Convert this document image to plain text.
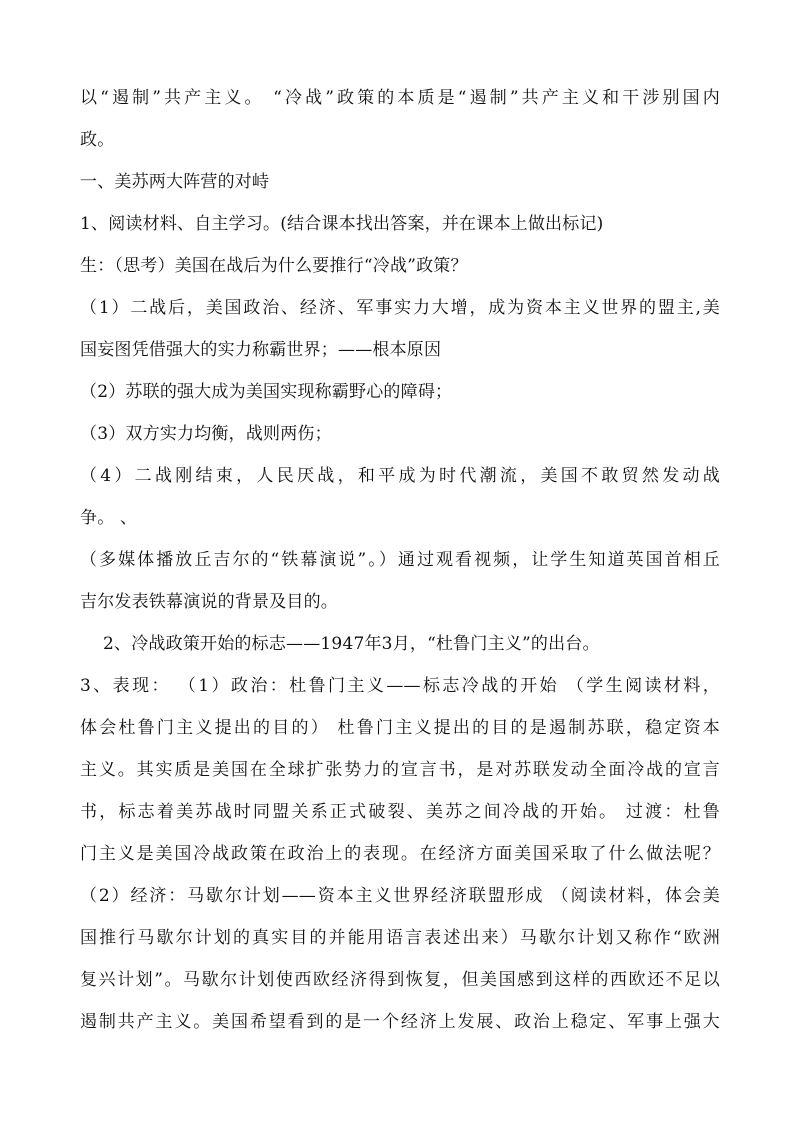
以“遏制”共产主义。 “冷战”政策的本质是“遏制”共产主义和干涉别国内
政。
一、美苏两大阵营的对峙
1、阅读材料、自主学习。(结合课本找出答案，并在课本上做出标记)
生：（思考）美国在战后为什么要推行“冷战”政策？
（1）二战后，美国政治、经济、军事实力大增，成为资本主义世界的盟主,美
国妄图凭借强大的实力称霸世界；——根本原因
（2）苏联的强大成为美国实现称霸野心的障碍；
（3）双方实力均衡，战则两伤；
（4）二战刚结束，人民厌战，和平成为时代潮流，美国不敢贸然发动战
争。 、
（多媒体播放丘吉尔的“铁幕演说”。）通过观看视频，让学生知道英国首相丘
吉尔发表铁幕演说的背景及目的。
2、冷战政策开始的标志——1947年3月，“杜鲁门主义”的出台。
3、表现： （1）政治：杜鲁门主义——标志冷战的开始 （学生阅读材料，
体会杜鲁门主义提出的目的） 杜鲁门主义提出的目的是遏制苏联，稳定资本
主义。其实质是美国在全球扩张势力的宣言书，是对苏联发动全面冷战的宣言
书，标志着美苏战时同盟关系正式破裂、美苏之间冷战的开始。 过渡：杜鲁
门主义是美国冷战政策在政治上的表现。在经济方面美国采取了什么做法呢？
（2）经济：马歇尔计划——资本主义世界经济联盟形成 （阅读材料，体会美
国推行马歇尔计划的真实目的并能用语言表述出来）马歇尔计划又称作“欧洲
复兴计划”。马歇尔计划使西欧经济得到恢复，但美国感到这样的西欧还不足以
遏制共产主义。美国希望看到的是一个经济上发展、政治上稳定、军事上强大
